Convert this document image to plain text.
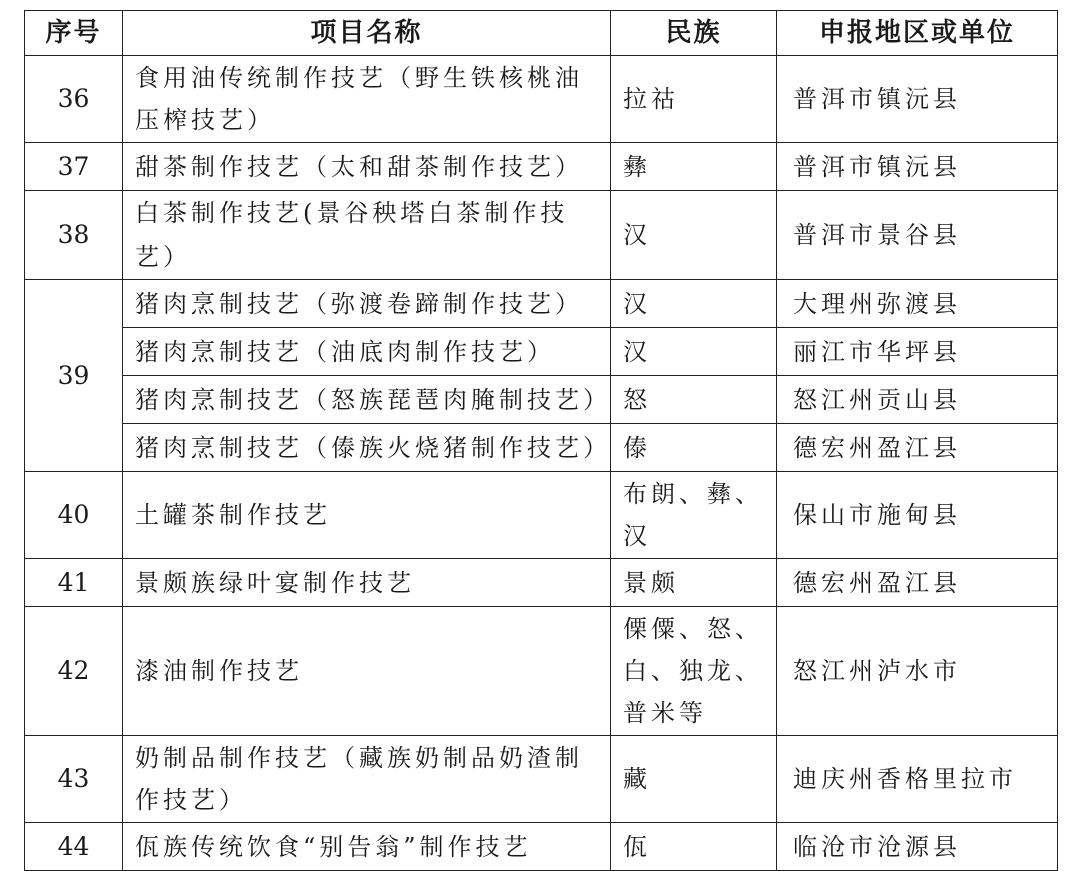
序号	项目名称	民族	申报地区或单位
36	食用油传统制作技艺（野生铁核桃油压榨技艺）	拉祜	普洱市镇沅县
37	甜茶制作技艺（太和甜茶制作技艺）	彝	普洱市镇沅县
38	白茶制作技艺(景谷秧塔白茶制作技艺）	汉	普洱市景谷县
39	猪肉烹制技艺（弥渡卷蹄制作技艺）	汉	大理州弥渡县
	猪肉烹制技艺（油底肉制作技艺）	汉	丽江市华坪县
	猪肉烹制技艺（怒族琵琶肉腌制技艺）	怒	怒江州贡山县
	猪肉烹制技艺（傣族火烧猪制作技艺）	傣	德宏州盈江县
40	土罐茶制作技艺	布朗、彝、汉	保山市施甸县
41	景颇族绿叶宴制作技艺	景颇	德宏州盈江县
42	漆油制作技艺	傈僳、怒、白、独龙、普米等	怒江州泸水市
43	奶制品制作技艺（藏族奶制品奶渣制作技艺）	藏	迪庆州香格里拉市
44	佤族传统饮食“别告翁”制作技艺	佤	临沧市沧源县
